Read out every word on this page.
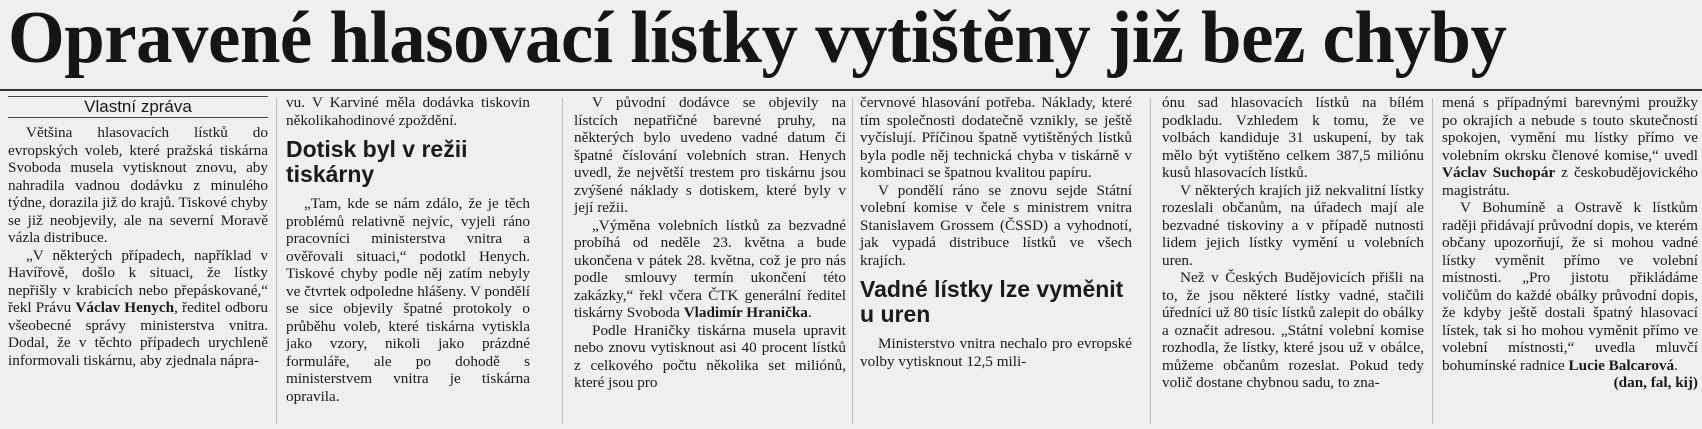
Opravené hlasovací lístky vytištěny již bez chyby
Vlastní zpráva

Většina hlasovacích lístků do evropských voleb, které pražská tiskárna Svoboda musela vytisknout znovu, aby nahradila vadnou dodávku z minulého týdne, dorazila již do krajů. Tiskové chyby se již neobjevily, ale na severní Moravě vázla distribuce.

„V některých případech, například v Havířově, došlo k situaci, že lístky nepřišly v krabicích nebo přepáskované,“ řekl Právu Václav Henych, ředitel odboru všeobecné správy ministerstva vnitra. Dodal, že v těchto případech urychleně informovali tiskárnu, aby zjednala nápra-

vu. V Karviné měla dodávka tiskovin několikahodinové zpoždění.

Dotisk byl v režii tiskárny

„Tam, kde se nám zdálo, že je těch problémů relativně nejvíc, vyjeli ráno pracovníci ministerstva vnitra a ověřovali situaci,“ podotkl Henych. Tiskové chyby podle něj zatím nebyly ve čtvrtek odpoledne hlášeny. V pondělí se sice objevily špatné protokoly o průběhu voleb, které tiskárna vytiskla jako vzory, nikoli jako prázdné formuláře, ale po dohodě s ministerstvem vnitra je tiskárna opravila.

V původní dodávce se objevily na lístcích nepatřičné barevné pruhy, na některých bylo uvedeno vadné datum či špatné číslování volebních stran. Henych uvedl, že největší trestem pro tiskárnu jsou zvýšené náklady s dotiskem, které byly v její režii.

„Výměna volebních lístků za bezvadné probíhá od neděle 23. května a bude ukončena v pátek 28. května, což je pro nás podle smlouvy termín ukončení této zakázky,“ řekl včera ČTK generální ředitel tiskárny Svoboda Vladimír Hranička.

Podle Hraničky tiskárna musela upravit nebo znovu vytisknout asi 40 procent lístků z celkového počtu několika set miliónů, které jsou pro

červnové hlasování potřeba. Náklady, které tím společnosti dodatečně vznikly, se ještě vyčíslují. Příčinou špatně vytištěných lístků byla podle něj technická chyba v tiskárně v kombinaci se špatnou kvalitou papíru.

V pondělí ráno se znovu sejde Státní volební komise v čele s ministrem vnitra Stanislavem Grossem (ČSSD) a vyhodnotí, jak vypadá distribuce lístků ve všech krajích.

Vadné lístky lze vyměnit u uren

Ministerstvo vnitra nechalo pro evropské volby vytisknout 12,5 mili-

ónu sad hlasovacích lístků na bílém podkladu. Vzhledem k tomu, že ve volbách kandiduje 31 uskupení, by tak mělo být vytištěno celkem 387,5 miliónu kusů hlasovacích lístků.

V některých krajích již nekvalitní lístky rozeslali občanům, na úřadech mají ale bezvadné tiskoviny a v případě nutnosti lidem jejich lístky vymění u volebních uren.

Než v Českých Budějovicích přišli na to, že jsou některé lístky vadné, stačili úředníci už 80 tisíc lístků zalepit do obálky a označit adresou. „Státní volební komise rozhodla, že lístky, které jsou už v obálce, můžeme občanům rozeslat. Pokud tedy volič dostane chybnou sadu, to zna-

mená s případnými barevnými proužky po okrajích a nebude s touto skutečností spokojen, vymění mu lístky přímo ve volebním okrsku členové komise,“ uvedl Václav Suchopár z českobudějovického magistrátu.

V Bohumíně a Ostravě k lístkům raději přidávají průvodní dopis, ve kterém občany upozorňují, že si mohou vadné lístky vyměnit přímo ve volební místnosti. „Pro jistotu přikládáme voličům do každé obálky průvodní dopis, že kdyby ještě dostali špatný hlasovací lístek, tak si ho mohou vyměnit přímo ve volební místnosti,“ uvedla mluvčí bohumínské radnice Lucie Balcarová.

(dan, fal, kij)
